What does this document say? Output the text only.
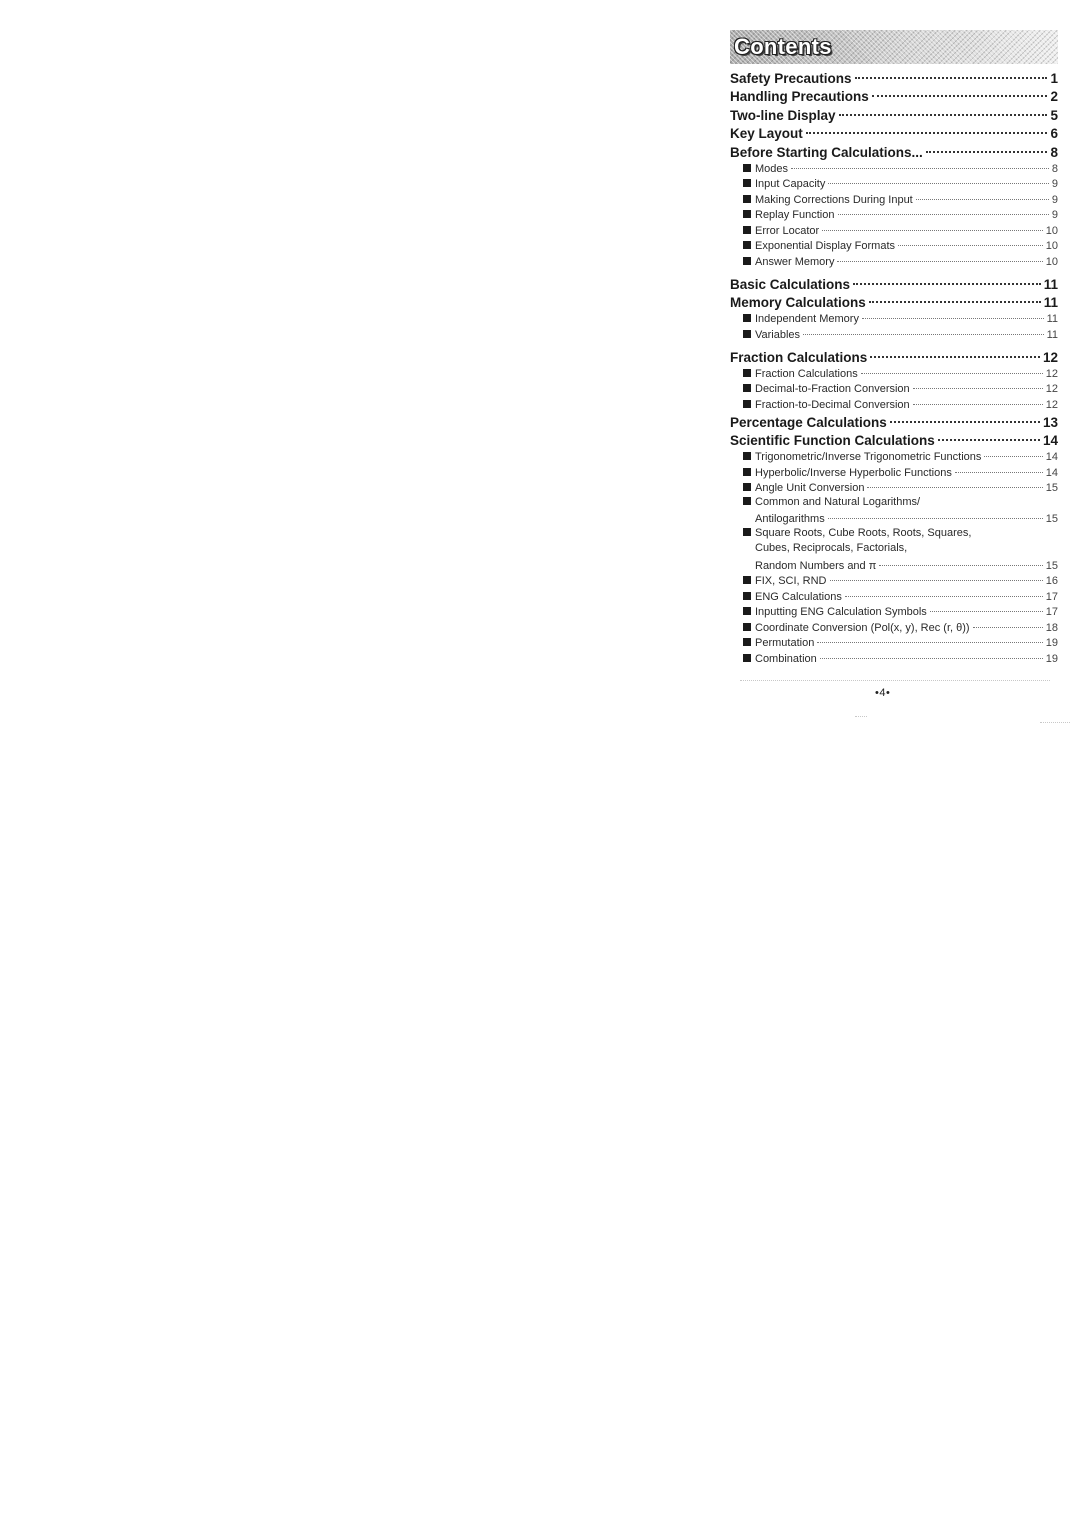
Contents
Safety Precautions	1
Handling Precautions	2
Two-line Display	5
Key Layout	6
Before Starting Calculations...	8
Modes	8
Input Capacity	9
Making Corrections During Input	9
Replay Function	9
Error Locator	10
Exponential Display Formats	10
Answer Memory	10
Basic Calculations	11
Memory Calculations	11
Independent Memory	11
Variables	11
Fraction Calculations	12
Fraction Calculations	12
Decimal-to-Fraction Conversion	12
Fraction-to-Decimal Conversion	12
Percentage Calculations	13
Scientific Function Calculations	14
Trigonometric/Inverse Trigonometric Functions	14
Hyperbolic/Inverse Hyperbolic Functions	14
Angle Unit Conversion	15
Common and Natural Logarithms/
Antilogarithms	15
Square Roots, Cube Roots, Roots, Squares,
Cubes, Reciprocals, Factorials,
Random Numbers and π	15
FIX, SCI, RND	16
ENG Calculations	17
Inputting ENG Calculation Symbols	17
Coordinate Conversion (Pol(x, y), Rec (r, θ))	18
Permutation	19
Combination	19
•4•
